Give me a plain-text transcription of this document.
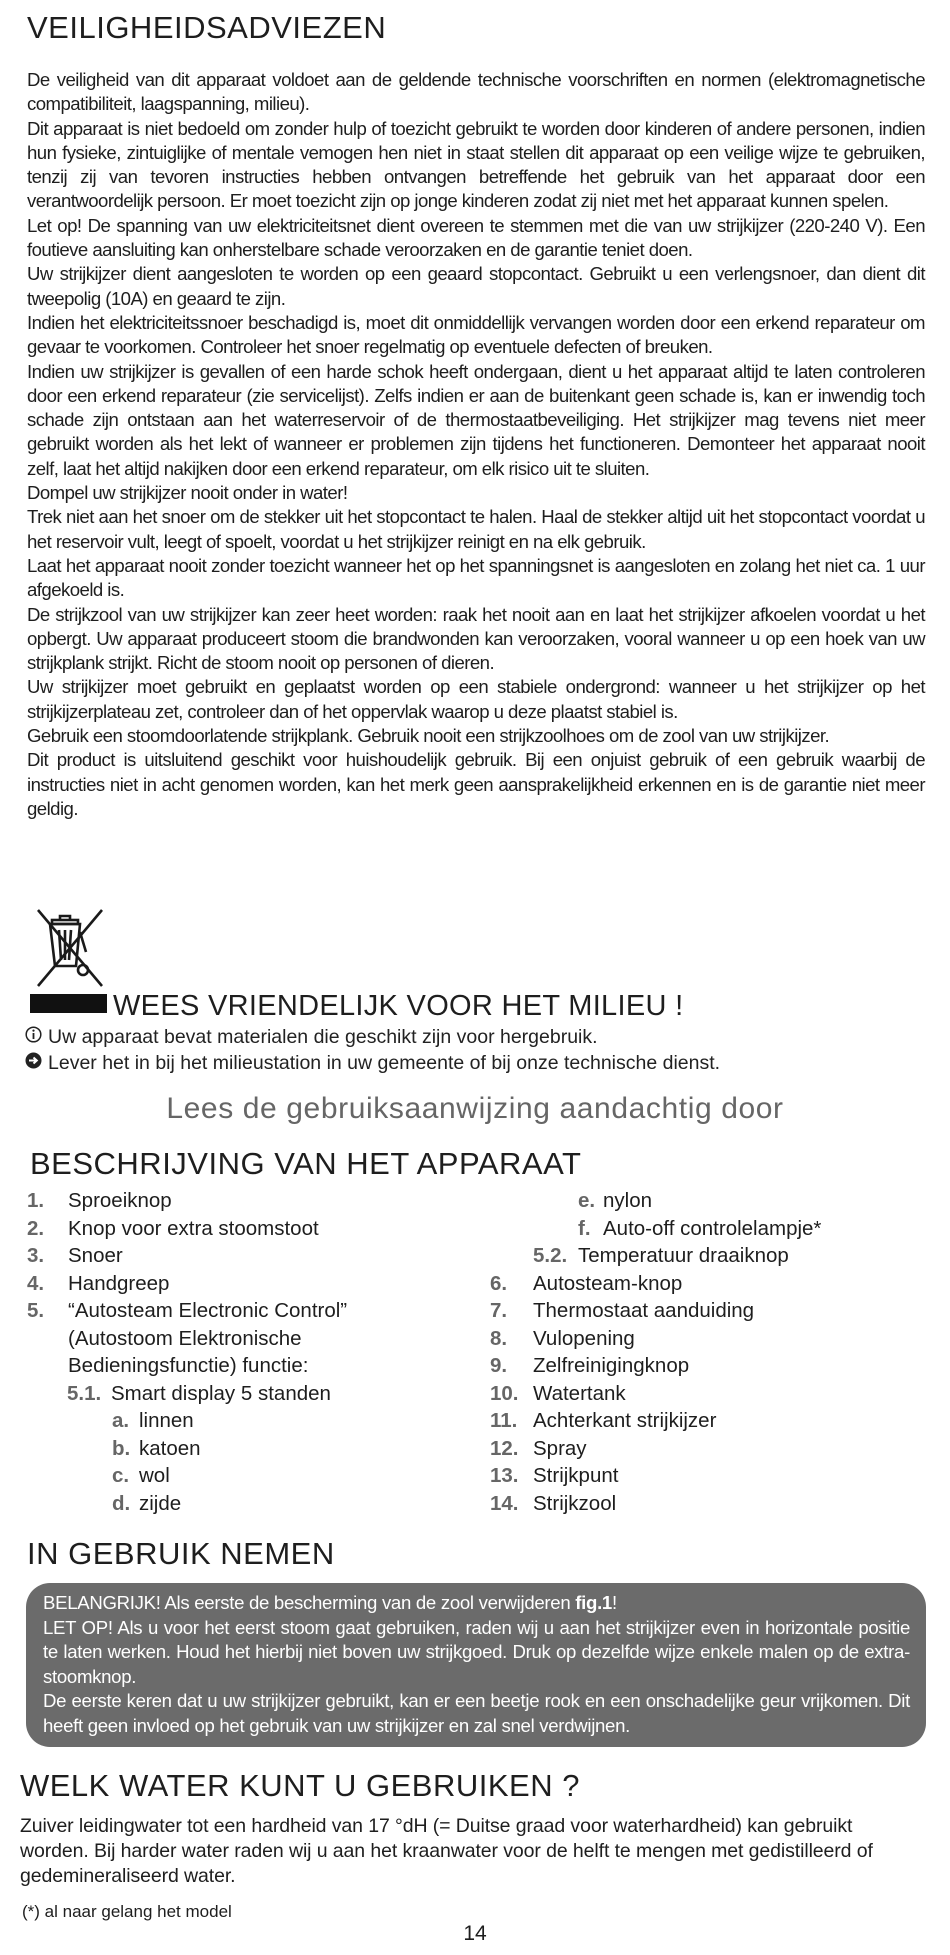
VEILIGHEIDSADVIEZEN

De veiligheid van dit apparaat voldoet aan de geldende technische voorschriften en normen (elektromagnetische compatibiliteit, laagspanning, milieu).

Dit apparaat is niet bedoeld om zonder hulp of toezicht gebruikt te worden door kinderen of andere personen, indien hun fysieke, zintuiglijke of mentale vemogen hen niet in staat stellen dit apparaat op een veilige wijze te gebruiken, tenzij zij van tevoren instructies hebben ontvangen betreffende het gebruik van het apparaat door een verantwoordelijk persoon. Er moet toezicht zijn op jonge kinderen zodat zij niet met het apparaat kunnen spelen.

Let op! De spanning van uw elektriciteitsnet dient overeen te stemmen met die van uw strijkijzer (220-240 V). Een foutieve aansluiting kan onherstelbare schade veroorzaken en de garantie teniet doen.

Uw strijkijzer dient aangesloten te worden op een geaard stopcontact. Gebruikt u een verlengsnoer, dan dient dit tweepolig (10A) en geaard te zijn.

Indien het elektriciteitssnoer beschadigd is, moet dit onmiddellijk vervangen worden door een erkend reparateur om gevaar te voorkomen. Controleer het snoer regelmatig op eventuele defecten of breuken.

Indien uw strijkijzer is gevallen of een harde schok heeft ondergaan, dient u het apparaat altijd te laten controleren door een erkend reparateur (zie servicelijst). Zelfs indien er aan de buitenkant geen schade is, kan er inwendig toch schade zijn ontstaan aan het waterreservoir of de thermostaatbeveiliging. Het strijkijzer mag tevens niet meer gebruikt worden als het lekt of wanneer er problemen zijn tijdens het functioneren. Demonteer het apparaat nooit zelf, laat het altijd nakijken door een erkend reparateur, om elk risico uit te sluiten.

Dompel uw strijkijzer nooit onder in water!

Trek niet aan het snoer om de stekker uit het stopcontact te halen. Haal de stekker altijd uit het stopcontact voordat u het reservoir vult, leegt of spoelt, voordat u het strijkijzer reinigt en na elk gebruik.

Laat het apparaat nooit zonder toezicht wanneer het op het spanningsnet is aangesloten en zolang het niet ca. 1 uur afgekoeld is.

De strijkzool van uw strijkijzer kan zeer heet worden: raak het nooit aan en laat het strijkijzer afkoelen voordat u het opbergt. Uw apparaat produceert stoom die brandwonden kan veroorzaken, vooral wanneer u op een hoek van uw strijkplank strijkt. Richt de stoom nooit op personen of dieren.

Uw strijkijzer moet gebruikt en geplaatst worden op een stabiele ondergrond: wanneer u het strijkijzer op het strijkijzerplateau zet, controleer dan of het oppervlak waarop u deze plaatst stabiel is.

Gebruik een stoomdoorlatende strijkplank. Gebruik nooit een strijkzoolhoes om de zool van uw strijkijzer.

Dit product is uitsluitend geschikt voor huishoudelijk gebruik. Bij een onjuist gebruik of een gebruik waarbij de instructies niet in acht genomen worden, kan het merk geen aansprakelijkheid erkennen en is de garantie niet meer geldig.

WEES VRIENDELIJK VOOR HET MILIEU !
Uw apparaat bevat materialen die geschikt zijn voor hergebruik.
Lever het in bij het milieustation in uw gemeente of bij onze technische dienst.
Lees de gebruiksaanwijzing aandachtig door
BESCHRIJVING VAN HET APPARAAT
1. Sproeiknop
2. Knop voor extra stoomstoot
3. Snoer
4. Handgreep
5. “Autosteam Electronic Control”
(Autostoom Elektronische
Bedieningsfunctie) functie:
5.1. Smart display 5 standen
a. linnen
b. katoen
c. wol
d. zijde
e. nylon
f. Auto-off controlelampje*
5.2. Temperatuur draaiknop
6. Autosteam-knop
7. Thermostaat aanduiding
8. Vulopening
9. Zelfreinigingknop
10. Watertank
11. Achterkant strijkijzer
12. Spray
13. Strijkpunt
14. Strijkzool
IN GEBRUIK NEMEN

BELANGRIJK! Als eerste de bescherming van de zool verwijderen fig.1!

LET OP! Als u voor het eerst stoom gaat gebruiken, raden wij u aan het strijkijzer even in horizontale positie te laten werken. Houd het hierbij niet boven uw strijkgoed. Druk op dezelfde wijze enkele malen op de extra-stoomknop.

De eerste keren dat u uw strijkijzer gebruikt, kan er een beetje rook en een onschadelijke geur vrijkomen. Dit heeft geen invloed op het gebruik van uw strijkijzer en zal snel verdwijnen.

WELK WATER KUNT U GEBRUIKEN ?

Zuiver leidingwater tot een hardheid van 17 °dH (= Duitse graad voor waterhardheid) kan gebruikt worden. Bij harder water raden wij u aan het kraanwater voor de helft te mengen met gedistilleerd of gedemineraliseerd water.

(*) al naar gelang het model
14
